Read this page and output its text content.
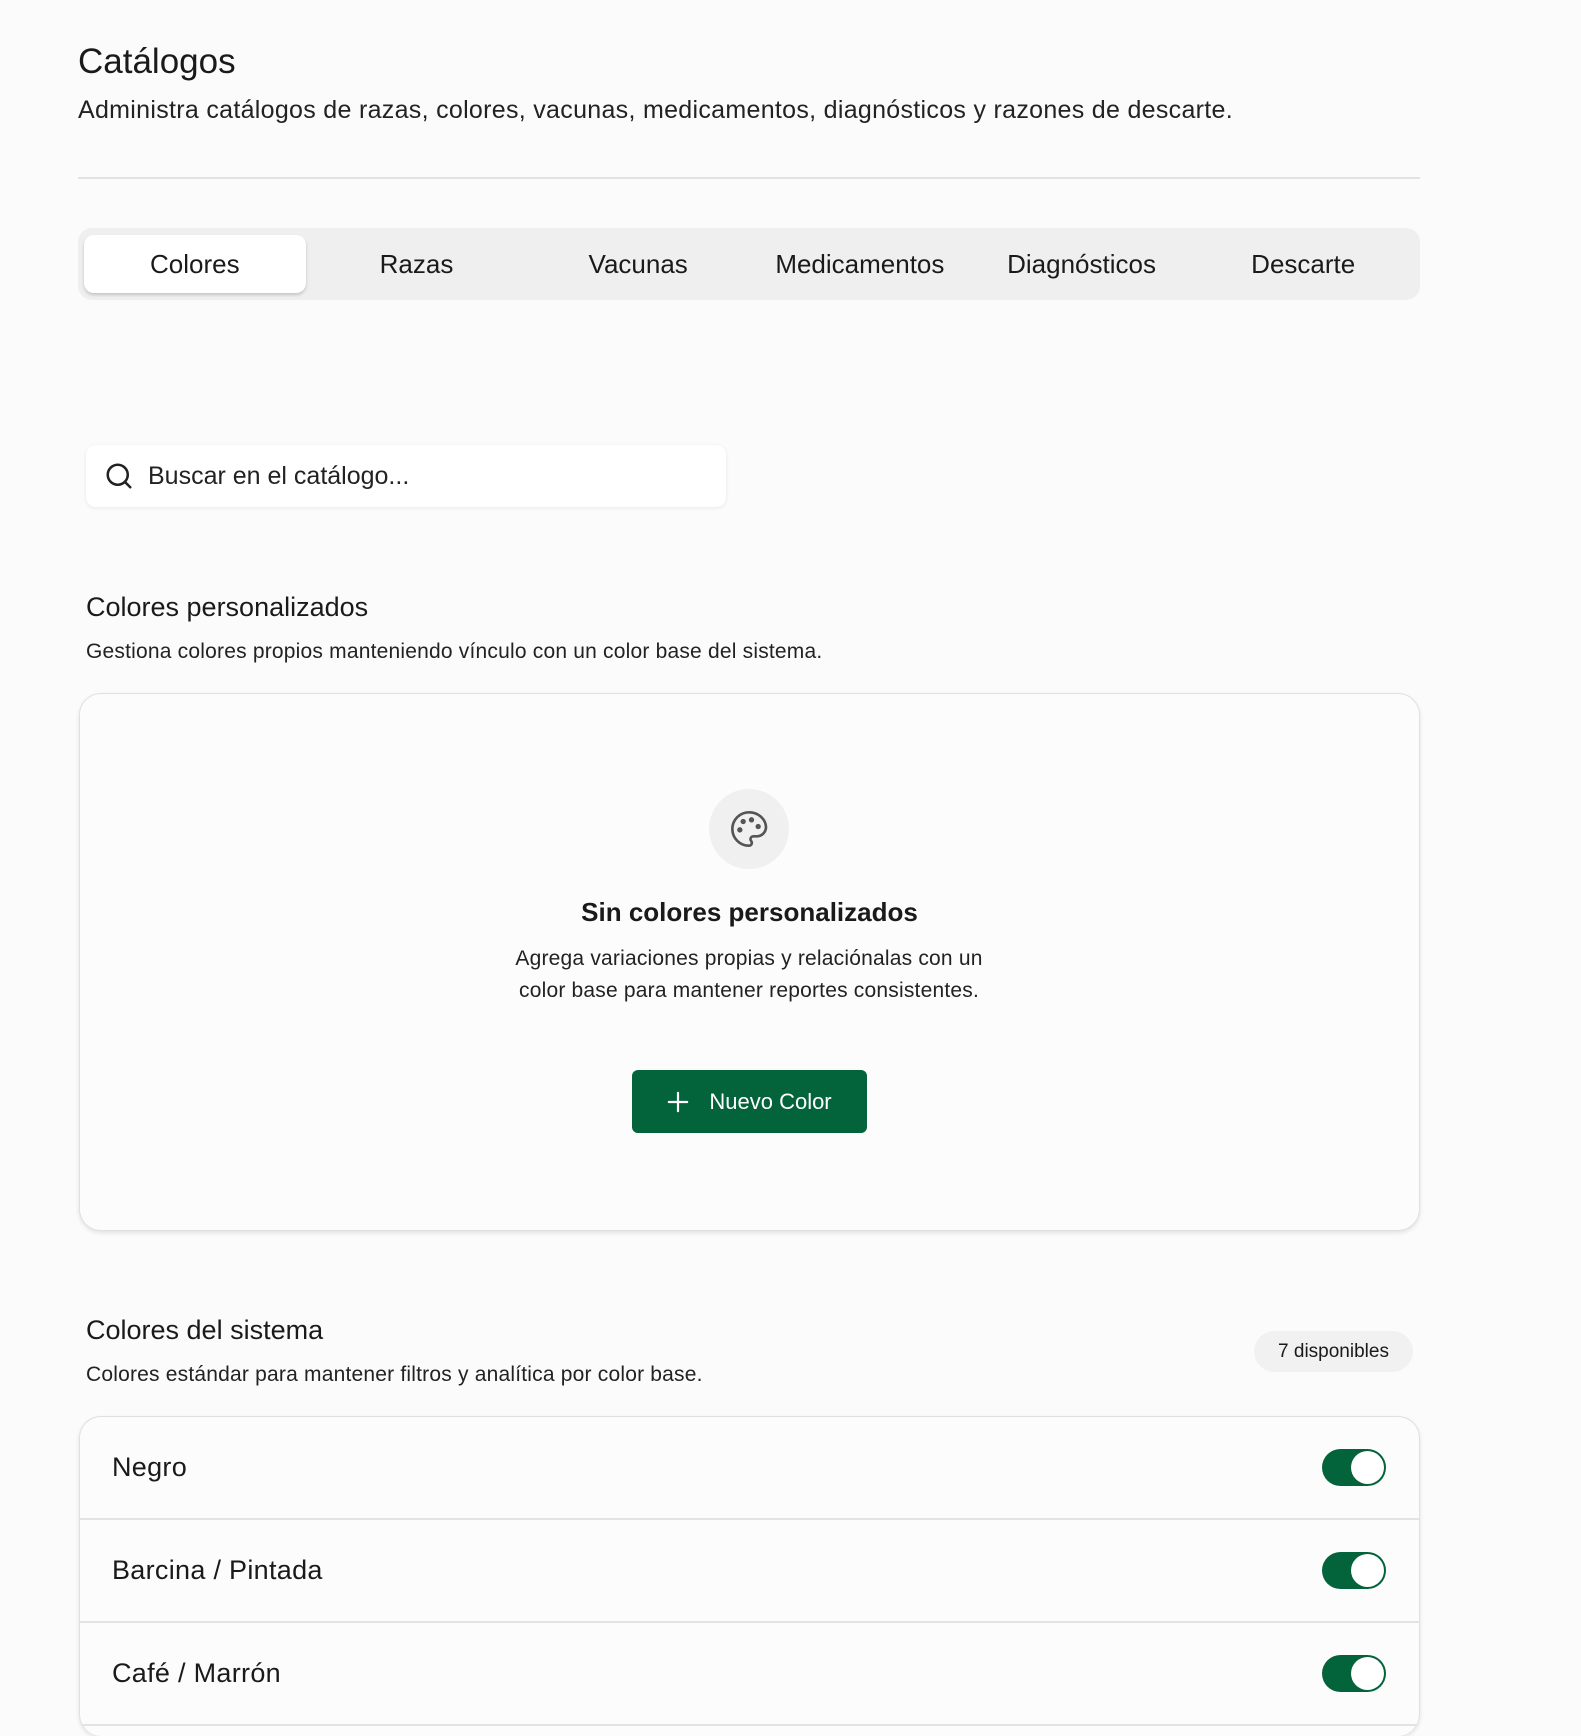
Catálogos
Administra catálogos de razas, colores, vacunas, medicamentos, diagnósticos y razones de descarte.
Colores	Razas	Vacunas	Medicamentos	Diagnósticos	Descarte
Buscar en el catálogo...
Colores personalizados
Gestiona colores propios manteniendo vínculo con un color base del sistema.
Sin colores personalizados
Agrega variaciones propias y relaciónalas con un color base para mantener reportes consistentes.
Nuevo Color
Colores del sistema
Colores estándar para mantener filtros y analítica por color base.
7 disponibles
Negro
Barcina / Pintada
Café / Marrón
